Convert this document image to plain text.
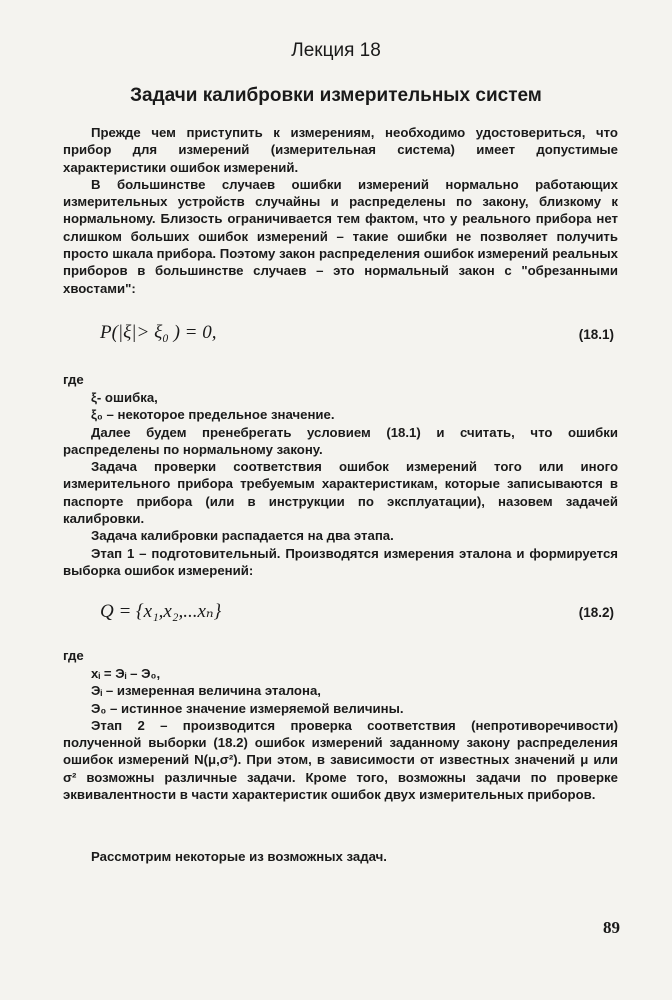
Лекция 18
Задачи калибровки измерительных систем

Прежде чем приступить к измерениям, необходимо удостовериться, что прибор для измерений (измерительная система) имеет допустимые характеристики ошибок измерений.

В большинстве случаев ошибки измерений нормально работающих измерительных устройств случайны и распределены по закону, близкому к нормальному. Близость ограничивается тем фактом, что у реального прибора нет слишком больших ошибок измерений – такие ошибки не позволяет получить просто шкала прибора. Поэтому закон распределения ошибок измерений реальных приборов в большинстве случаев – это нормальный закон с "обрезанными хвостами":

P(|ξ|> ξ₀ ) = 0,	(18.1)
где

ξ- ошибка,

ξ₀ – некоторое предельное значение.

Далее будем пренебрегать условием (18.1) и считать, что ошибки распределены по нормальному закону.

Задача проверки соответствия ошибок измерений того или иного измерительного прибора требуемым характеристикам, которые записываются в паспорте прибора (или в инструкции по эксплуатации), назовем задачей калибровки.

Задача калибровки распадается на два этапа.

Этап 1 – подготовительный. Производятся измерения эталона и формируется выборка ошибок измерений:

Q = {x₁,x₂,...xₙ}	(18.2)
где

xᵢ = Эᵢ – Э₀,

Эᵢ – измеренная величина эталона,

Э₀ – истинное значение измеряемой величины.

Этап 2 – производится проверка соответствия (непротиворечивости) полученной выборки (18.2) ошибок измерений заданному закону распределения ошибок измерений N(μ,σ²). При этом, в зависимости от известных значений μ или σ² возможны различные задачи. Кроме того, возможны задачи по проверке эквивалентности в части характеристик ошибок двух измерительных приборов.

Рассмотрим некоторые из возможных задач.

89
